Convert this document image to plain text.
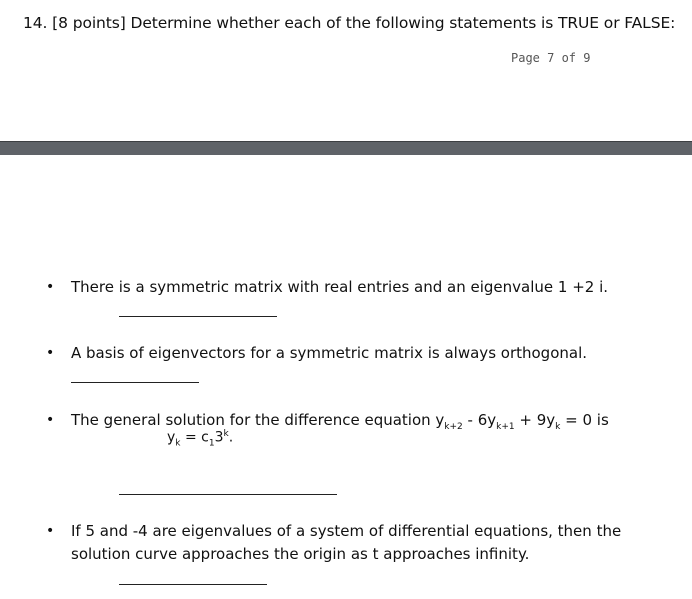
14. [8 points] Determine whether each of the following statements is TRUE or FALSE:
Page 7 of 9
•	There is a symmetric matrix with real entries and an eigenvalue 1 +2 i.
•	A basis of eigenvectors for a symmetric matrix is always orthogonal.
•	The general solution for the difference equation $y_{k+2} - 6y_{k+1} + 9y_k = 0$ is
$y_k = c_13^k$.
•	If 5 and -4 are eigenvalues of a system of differential equations, then the
solution curve approaches the origin as t approaches infinity.
